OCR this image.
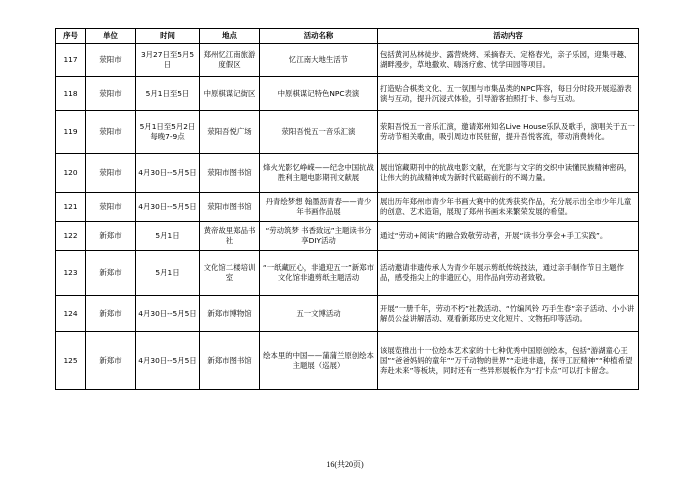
序号	单位	时间	地点	活动名称	活动内容
117	荥阳市	3月27日至5月5日	郑州忆江南旅游度假区	忆江南大地生活节	包括黄河丛林徒步、露营烧烤、采摘春天、定格春光，亲子乐园，迎集寻趣、湖畔漫步，草地撒欢、嗨汤疗愈、忧学田园等项目。
118	荥阳市	5月1日至5日	中原棋谋记街区	中原棋谋记特色NPC表演	打造贴合棋类文化、五一氛围与市集品类的NPC阵容，每日分时段开展巡游表演与互动，提升沉浸式体验，引导游客拍照打卡、参与互动。
119	荥阳市	5月1日至5月2日每晚7-9点	荥阳吾悦广场	荥阳吾悦五一音乐汇演	荥阳吾悦五一音乐汇演，邀请郑州知名Live House乐队及歌手，演唱关于五一劳动节相关歌曲，吸引周边市民驻留，提升吾悦客流，带动消费转化。
120	荥阳市	4月30日--5月5日	荥阳市图书馆	烽火光影忆峥嵘——纪念中国抗战胜利主题电影期刊文献展	展出馆藏期刊中的抗战电影文献，在光影与文字的交织中读懂民族精神密码，让伟大的抗战精神成为新时代砥砺前行的不竭力量。
121	荥阳市	4月30日--5月5日	荥阳市图书馆	丹青绘梦想 翰墨沥青春——青少年书画作品展	展出历年郑州市青少年书画大赛中的优秀获奖作品，充分展示出全市少年儿童的创意、艺术造诣，展现了郑州书画未来繁荣发展的希望。
122	新郑市	5月1日	黄帝故里郑品书社	“劳动筑梦 书香致远”主题读书分享DIY活动	通过“劳动+阅读”的融合致敬劳动者，开展“读书分享会+手工实践”。
123	新郑市	5月1日	文化馆二楼培训室	“一纸藏匠心，非遗迎五一”新郑市文化馆非遗剪纸主题活动	活动邀请非遗传承人为青少年展示剪纸传统技法，通过亲手制作节日主题作品，感受指尖上的非遗匠心，用作品向劳动者致敬。
124	新郑市	4月30日--5月5日	新郑市博物馆	五一文博活动	开展“一册千年，劳动不朽”社教活动、“竹编风铃 巧手生春”亲子活动、小小讲解员公益讲解活动、观看新郑历史文化短片、文物拓印等活动。
125	新郑市	4月30日--5月5日	新郑市图书馆	绘本里的中国——蒲蒲兰原创绘本主题展（巡展）	该展览推出十一位绘本艺术家的十七种优秀中国原创绘本，包括“游湖童心王国”“爸爸妈妈的童年”“万千动物的世界”“走进非遗，探寻工匠精神”“种植希望 奔赴未来”等板块，同时还有一些异形展板作为“打卡点”可以打卡留念。
16(共20页)
